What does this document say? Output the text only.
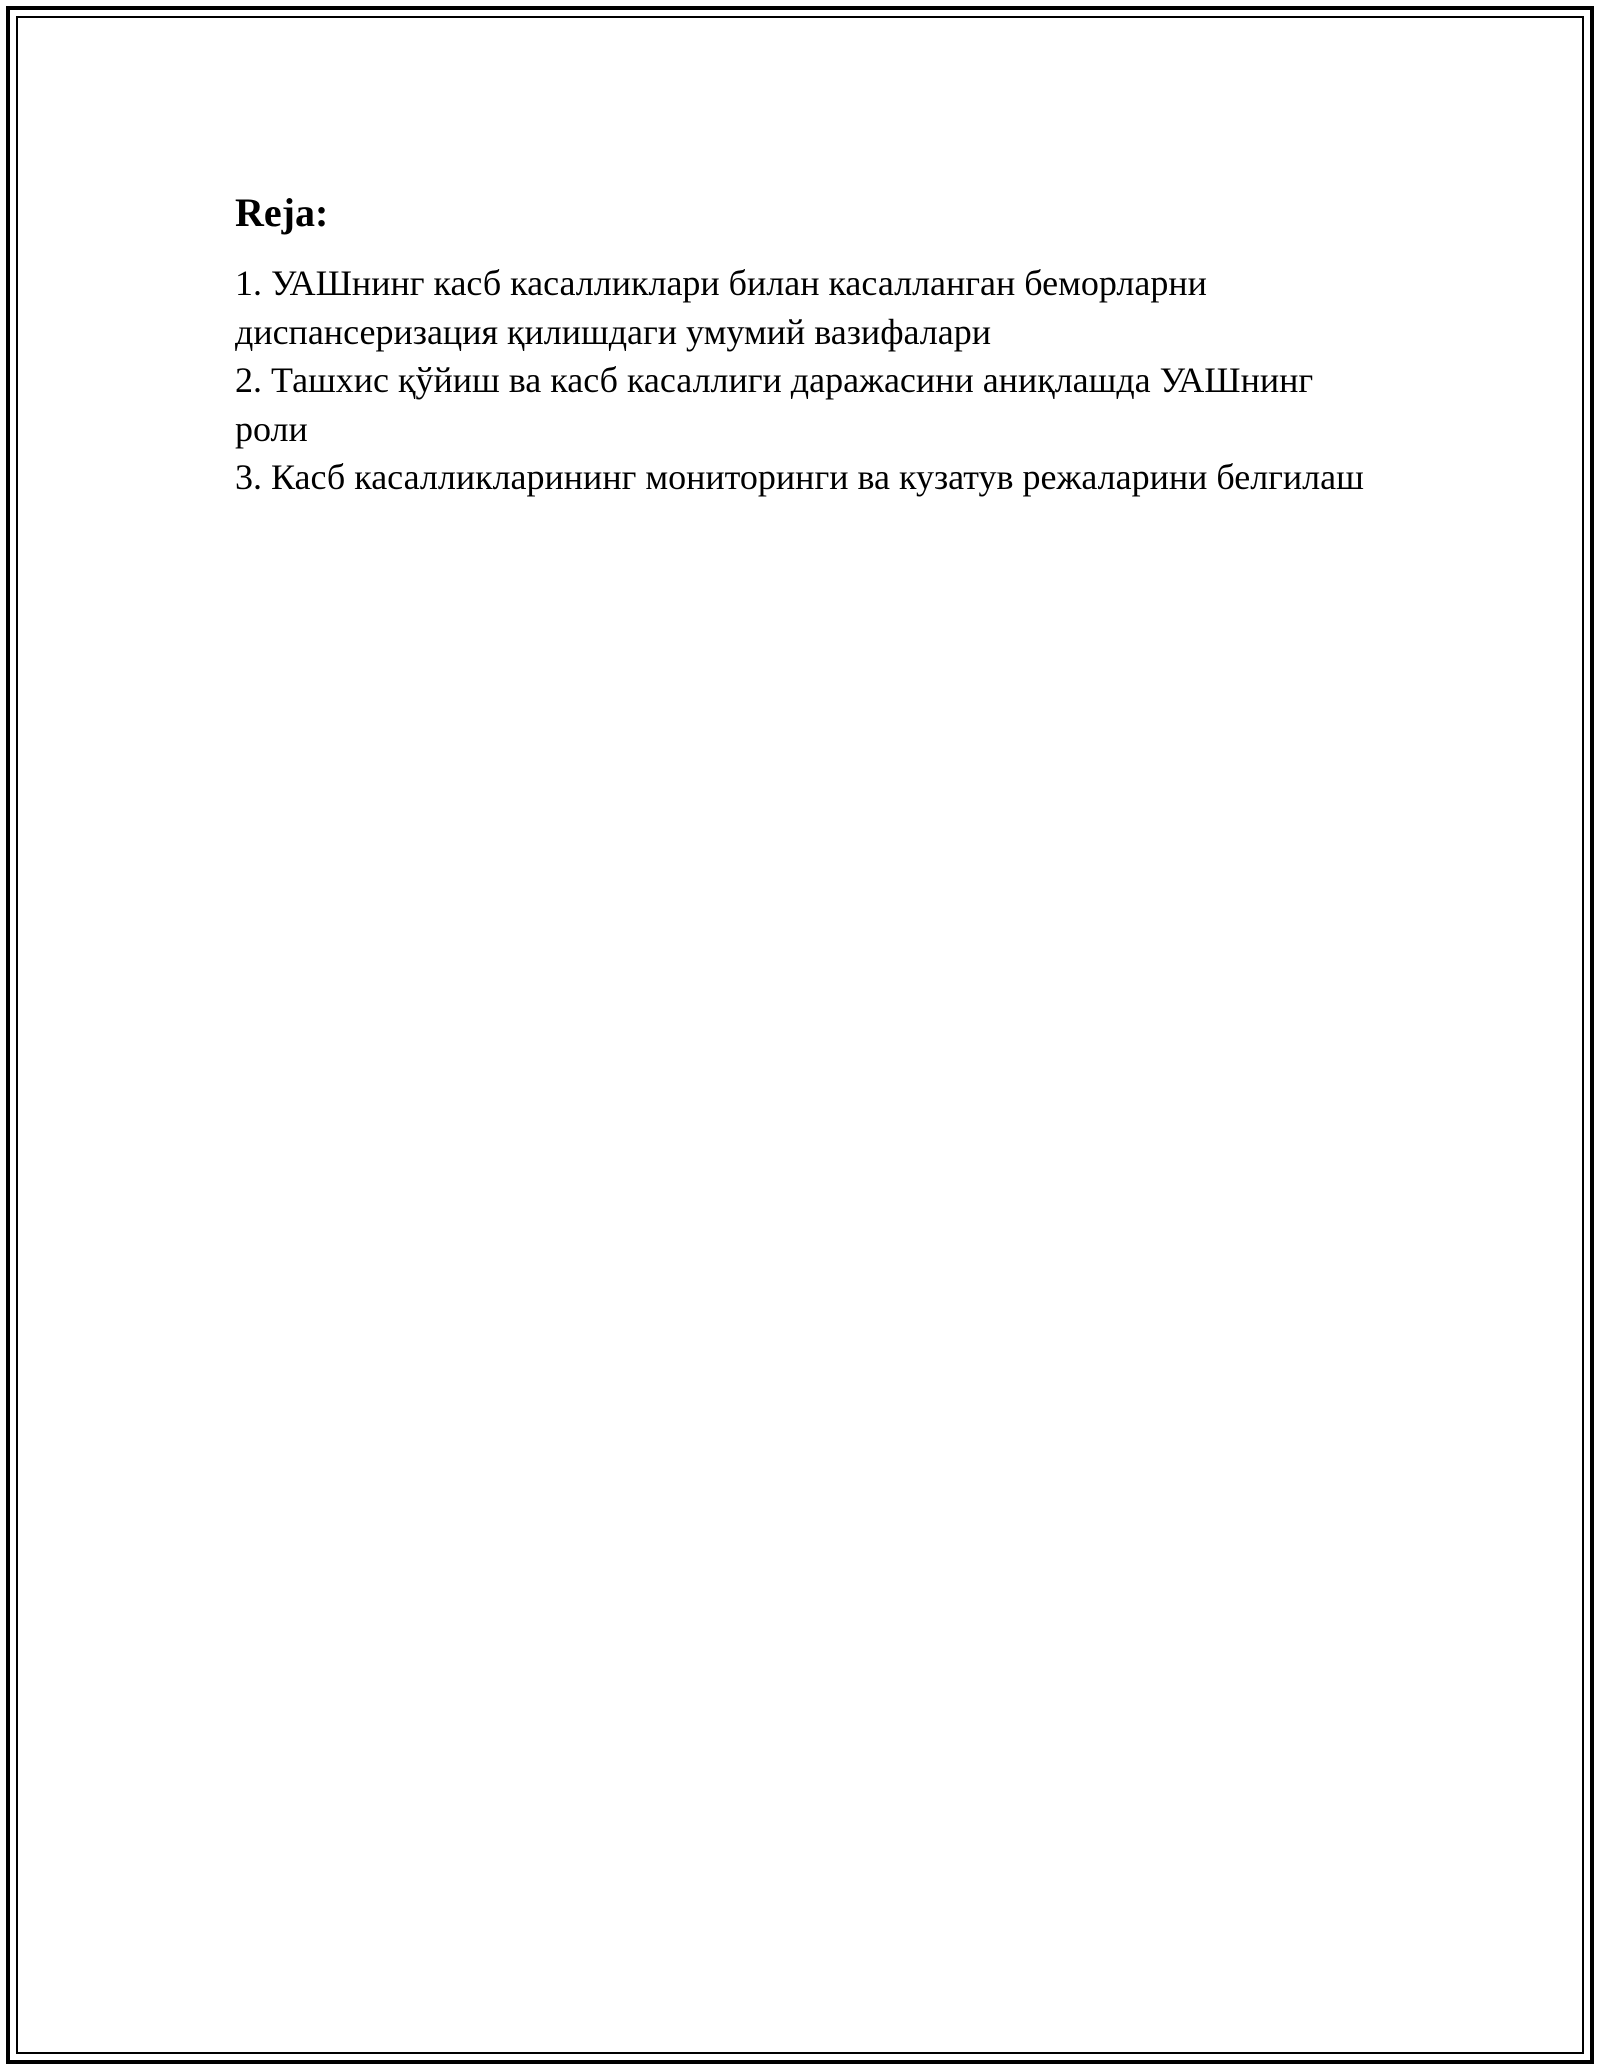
Reja:

1. УАШнинг касб касалликлари билан касалланган беморларни диспансеризация қилишдаги умумий вазифалари

2. Ташхис қўйиш ва касб касаллиги даражасини аниқлашда УАШнинг роли

3. Касб касалликларининг мониторинги ва кузатув режаларини белгилаш
